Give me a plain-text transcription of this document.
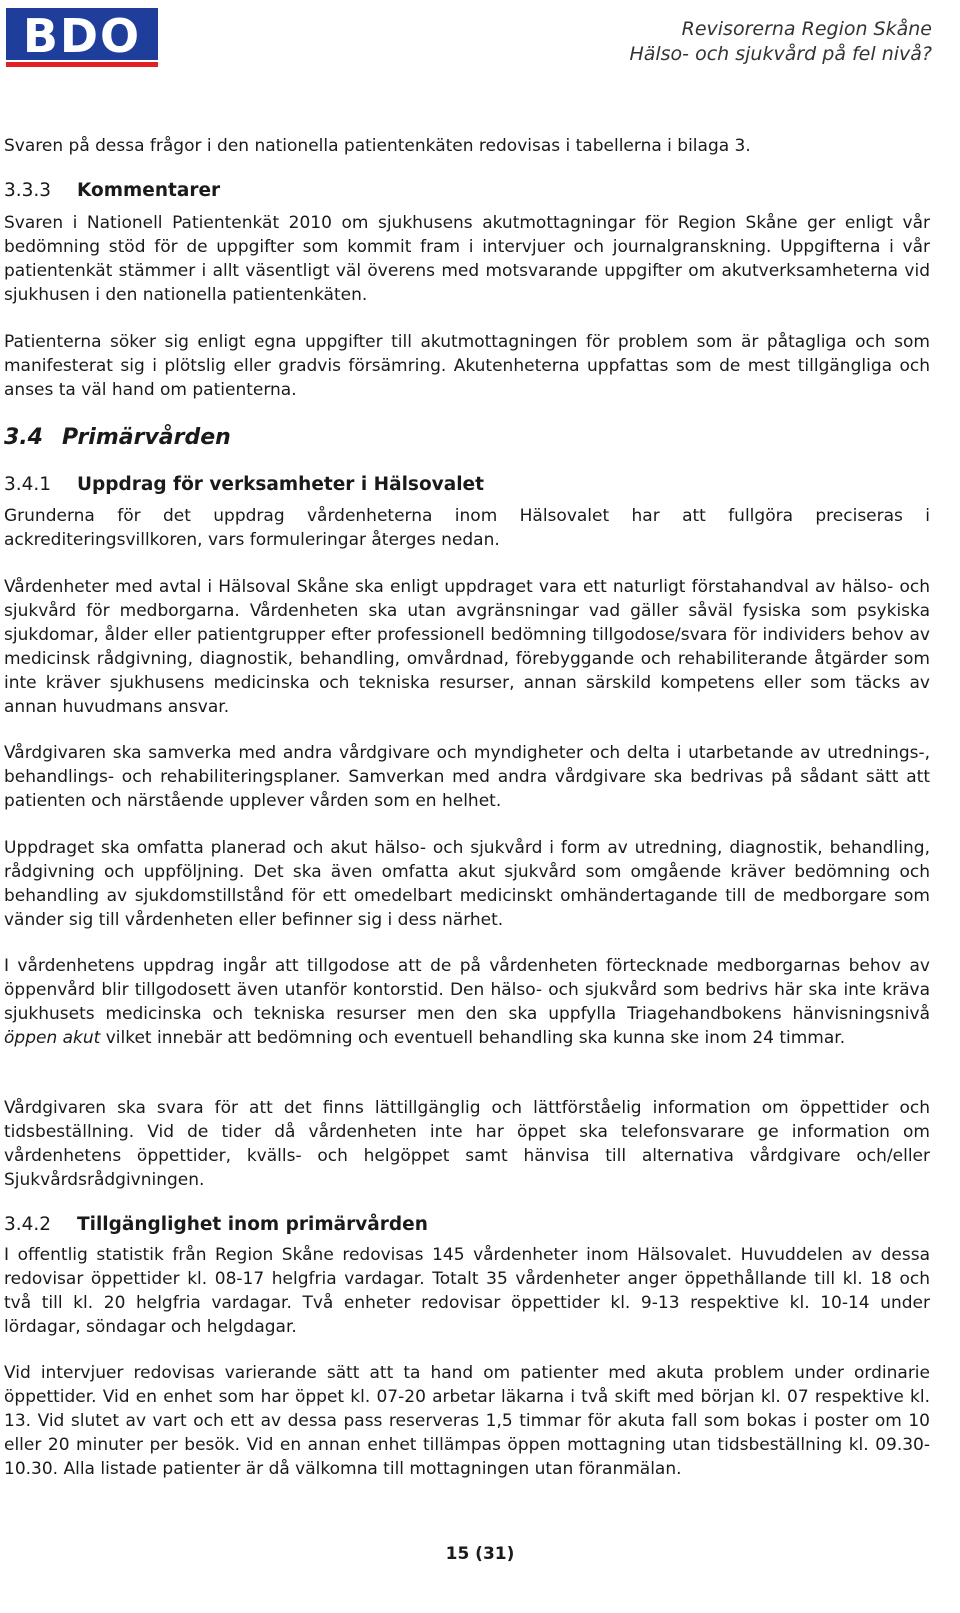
BDO	Revisorerna Region Skåne
Hälso- och sjukvård på fel nivå?

Svaren på dessa frågor i den nationella patientenkäten redovisas i tabellerna i bilaga 3.

3.3.3 Kommentarer

Svaren i Nationell Patientenkät 2010 om sjukhusens akutmottagningar för Region Skåne ger enligt vår bedömning stöd för de uppgifter som kommit fram i intervjuer och journalgranskning. Uppgifterna i vår patientenkät stämmer i allt väsentligt väl överens med motsvarande uppgifter om akutverksamheterna vid sjukhusen i den nationella patientenkäten.

Patienterna söker sig enligt egna uppgifter till akutmottagningen för problem som är påtagliga och som manifesterat sig i plötslig eller gradvis försämring. Akutenheterna uppfattas som de mest tillgängliga och anses ta väl hand om patienterna.

3.4 Primärvården
3.4.1 Uppdrag för verksamheter i Hälsovalet

Grunderna för det uppdrag vårdenheterna inom Hälsovalet har att fullgöra preciseras i ackrediteringsvillkoren, vars formuleringar återges nedan.

Vårdenheter med avtal i Hälsoval Skåne ska enligt uppdraget vara ett naturligt förstahandval av hälso- och sjukvård för medborgarna. Vårdenheten ska utan avgränsningar vad gäller såväl fysiska som psykiska sjukdomar, ålder eller patientgrupper efter professionell bedömning tillgodose/svara för individers behov av medicinsk rådgivning, diagnostik, behandling, omvårdnad, förebyggande och rehabiliterande åtgärder som inte kräver sjukhusens medicinska och tekniska resurser, annan särskild kompetens eller som täcks av annan huvudmans ansvar.

Vårdgivaren ska samverka med andra vårdgivare och myndigheter och delta i utarbetande av utrednings-, behandlings- och rehabiliteringsplaner. Samverkan med andra vårdgivare ska bedrivas på sådant sätt att patienten och närstående upplever vården som en helhet.

Uppdraget ska omfatta planerad och akut hälso- och sjukvård i form av utredning, diagnostik, behandling, rådgivning och uppföljning. Det ska även omfatta akut sjukvård som omgående kräver bedömning och behandling av sjukdomstillstånd för ett omedelbart medicinskt omhändertagande till de medborgare som vänder sig till vårdenheten eller befinner sig i dess närhet.

I vårdenhetens uppdrag ingår att tillgodose att de på vårdenheten förtecknade medborgarnas behov av öppenvård blir tillgodosett även utanför kontorstid. Den hälso- och sjukvård som bedrivs här ska inte kräva sjukhusets medicinska och tekniska resurser men den ska uppfylla Triagehandbokens hänvisningsnivå öppen akut vilket innebär att bedömning och eventuell behandling ska kunna ske inom 24 timmar.

Vårdgivaren ska svara för att det finns lättillgänglig och lättförståelig information om öppettider och tidsbeställning. Vid de tider då vårdenheten inte har öppet ska telefonsvarare ge information om vårdenhetens öppettider, kvälls- och helgöppet samt hänvisa till alternativa vårdgivare och/eller Sjukvårdsrådgivningen.

3.4.2 Tillgänglighet inom primärvården

I offentlig statistik från Region Skåne redovisas 145 vårdenheter inom Hälsovalet. Huvuddelen av dessa redovisar öppettider kl. 08-17 helgfria vardagar. Totalt 35 vårdenheter anger öppethållande till kl. 18 och två till kl. 20 helgfria vardagar. Två enheter redovisar öppettider kl. 9-13 respektive kl. 10-14 under lördagar, söndagar och helgdagar.

Vid intervjuer redovisas varierande sätt att ta hand om patienter med akuta problem under ordinarie öppettider. Vid en enhet som har öppet kl. 07-20 arbetar läkarna i två skift med början kl. 07 respektive kl. 13. Vid slutet av vart och ett av dessa pass reserveras 1,5 timmar för akuta fall som bokas i poster om 10 eller 20 minuter per besök. Vid en annan enhet tillämpas öppen mottagning utan tidsbeställning kl. 09.30-10.30. Alla listade patienter är då välkomna till mottagningen utan föranmälan.

15 (31)
